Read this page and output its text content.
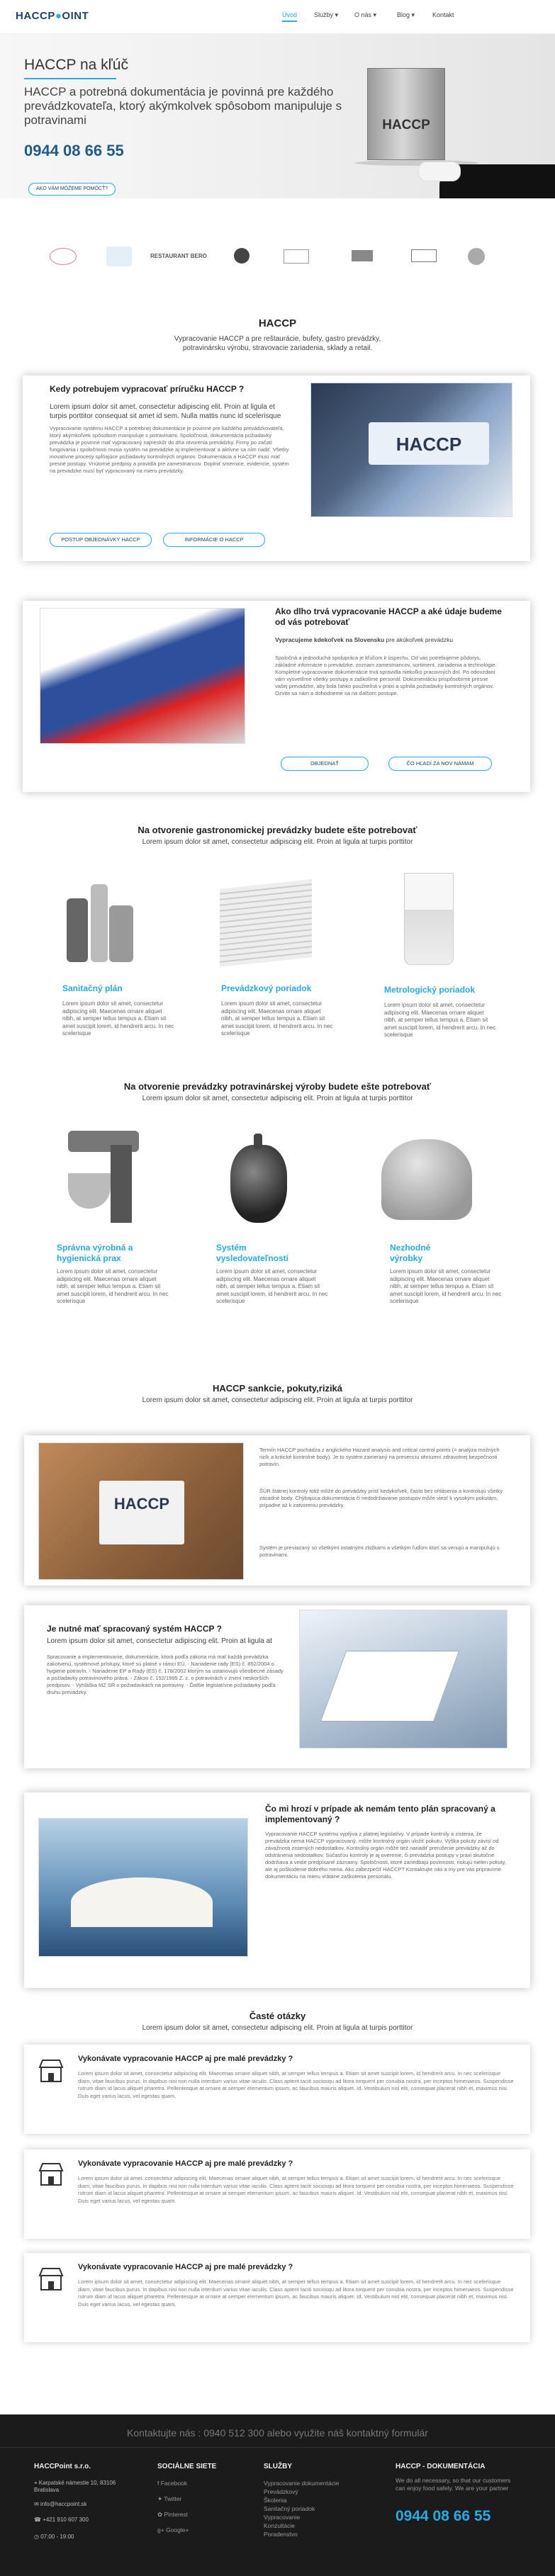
HACCP●OINT	Úvod	Služby ▾	O nás ▾	Blog ▾	Kontakt
HACCP na kľúč
HACCP a potrebná dokumentácia je povinná pre každého prevádzkovateľa, ktorý akýmkolvek spôsobom manipuluje s potravinami
0944 08 66 55
HACCP
AKO VÁM MÔŽEME POMÔCŤ?
RESTAURANT BERO
HACCP
Vypracovanie HACCP a pre reštaurácie, bufety, gastro prevádzky, potravinársku výrobu, stravovacie zariadenia, sklady a retail.
Kedy potrebujem vypracovať príručku HACCP ?
Lorem ipsum dolor sit amet, consectetur adipiscing elit. Proin at ligula et turpis porttitor consequat sit amet id sem. Nulla mattis nunc id scelerisque
Vypracovanie systému HACCP a potrebnej dokumentácie je povinné pre každého prevádzkovateľa, ktorý akýmkoľvek spôsobom manipuluje s potravinami. Spoločnosti, dokumentácia požiadavky prevádzka je povinné mať vypracovaný najneskôr do dňa otvorenia prevádzky. Firmy po začatí fungovania i spoločnosti musia systém na prevádzke aj implementovať a aktívne sa ním riadiť. Všetky inovatívne procesy spĺňajúce požiadavky kontrolných orgánov. Dokumentácia a HACCP musí mať presné postupy. Vnútorné predpisy a pravidlá pre zamestnancov. Doplniť smernice, evidencie, systém na prevádzke musí byť vypracovaný na mieru prevádzky.
POSTUP OBJEDNÁVKY HACCP	INFORMÁCIE O HACCP
HACCP
Ako dlho trvá vypracovanie HACCP a aké údaje budeme od vás potrebovať
Vypracujeme kdekoľvek na Slovensku pre akúkoľvek prevádzku
Spoločná a jednoduchá spolupráca je kľúčom k úspechu. Od vás potrebujeme pôdorys, základné informácie o prevádzke, zoznam zamestnancov, sortiment, zariadenia a technológie. Kompletné vypracovanie dokumentácie trvá spravidla niekoľko pracovných dní. Po odovzdaní vám vysvetlíme všetky postupy a zaškolíme personál. Dokumentáciu prispôsobíme presne vašej prevádzke, aby bola ľahko použiteľná v praxi a splnila požiadavky kontrolných orgánov. Ozvite sa nám a dohodneme sa na ďalšom postupe.
OBJEDNAŤ	ČO HĽADÍ ZA NOV NÁMAM
Na otvorenie gastronomickej prevádzky budete ešte potrebovať
Lorem ipsum dolor sit amet, consectetur adipiscing elit. Proin at ligula at turpis porttitor
Sanitačný plán
Lorem ipsum dolor sit amet, consectetur adipiscing elit. Maecenas ornare aliquet nibh, at semper tellus tempus a. Etiam sit amet suscipit lorem, id hendrerit arcu. In nec scelerisque
Prevádzkový poriadok
Lorem ipsum dolor sit amet, consectetur adipiscing elit. Maecenas ornare aliquet nibh, at semper tellus tempus a. Etiam sit amet suscipit lorem, id hendrerit arcu. In nec scelerisque
Metrologický poriadok
Lorem ipsum dolor sit amet, consectetur adipiscing elit. Maecenas ornare aliquet nibh, at semper tellus tempus a. Etiam sit amet suscipit lorem, id hendrerit arcu. In nec scelerisque
Na otvorenie prevádzky potravinárskej výroby budete ešte potrebovať
Lorem ipsum dolor sit amet, consectetur adipiscing elit. Proin at ligula at turpis porttitor
Správna výrobná a hygienická prax
Lorem ipsum dolor sit amet, consectetur adipiscing elit. Maecenas ornare aliquet nibh, at semper tellus tempus a. Etiam sit amet suscipit lorem, id hendrerit arcu. In nec scelerisque
Systém vysledovateľnosti
Lorem ipsum dolor sit amet, consectetur adipiscing elit. Maecenas ornare aliquet nibh, at semper tellus tempus a. Etiam sit amet suscipit lorem, id hendrerit arcu. In nec scelerisque
Nezhodné výrobky
Lorem ipsum dolor sit amet, consectetur adipiscing elit. Maecenas ornare aliquet nibh, at semper tellus tempus a. Etiam sit amet suscipit lorem, id hendrerit arcu. In nec scelerisque
HACCP sankcie, pokuty,riziká
Lorem ipsum dolor sit amet, consectetur adipiscing elit. Proin at ligula at turpis porttitor
HACCP
Termín HACCP pochádza z anglického Hazard analysis and critical control points (= analýza možných rizík a kritické kontrolné body). Je to systém zameraný na prevenciu ohrození zdravotnej bezpečnosti potravín.
ŠÚR štátnej kontroly totiž môže do prevádzky prísť kedykoľvek, často bez ohlásenia a kontrolujú všetky zásadné body. Chýbajúca dokumentácia či nedodržiavanie postupov môže viesť k vysokým pokutám, prípadne až k zatvoreniu prevádzky.
Systém je previazaný so všetkými ostatnými zložkami a všetkým ľuďom ktorí sa venujú a manipulujú s potravinami.
Je nutné mať spracovaný systém HACCP ?
Lorem ipsum dolor sit amet, consectetur adipiscing elit. Proin at ligula at
Spracovanie a implementovanie, dokumentácie, ktorá podľa zákona má mať každá prevádzka zakotvenú, systémové prístupy, ktoré sú platné v rámci EÚ. - Nariadenie rady (ES) č. 852/2004 o hygiene potravín. - Nariadenie EP a Rady (ES) č. 178/2002 ktorým sa ustanovujú všeobecné zásady a požiadavky potravinového práva. - Zákon č. 152/1995 Z. z. o potravinách v znení neskorších predpisov. - Vyhláška MZ SR o požiadavkách na potraviny. - Ďalšie legislatívne požiadavky podľa druhu prevádzky.
Čo mi hrozí v prípade ak nemám tento plán spracovaný a implementovaný ?
Vypracovanie HACCP systému vyplýva z platnej legislatívy. V prípade kontroly a zistenia, že prevádzka nemá HACCP vypracovaný, môže kontrolný orgán uložiť pokutu. Výška pokuty závisí od závažnosti zistených nedostatkov. Kontrolný orgán môže tiež nariadiť prerušenie prevádzky až do odstránenia nedostatkov. Súčasťou kontroly je aj overenie, či prevádzka postupy v praxi skutočne dodržiava a vedie predpísané záznamy. Spoločnosti, ktoré zanedbajú povinnosti, riskujú nielen pokuty, ale aj poškodenie dobrého mena. Ako zabezpečiť HACCP? Kontaktujte nás a my pre vás pripravíme dokumentáciu na mieru vrátane zaškolenia personálu.
Časté otázky
Lorem ipsum dolor sit amet, consectetur adipiscing elit. Proin at ligula at turpis porttitor
Vykonávate vypracovanie HACCP aj pre malé prevádzky ?
Lorem ipsum dolor sit amet, consectetur adipiscing elit. Maecenas ornare aliquet nibh, at semper tellus tempus a. Etiam sit amet suscipit lorem, id hendrerit arcu. In nec scelerisque diam, vitae faucibus purus. In dapibus nisi non nulla interdum varius vitae iaculis. Class aptent taciti sociosqu ad litora torquent per conubia nostra, per inceptos himenaeos. Suspendisse rutrum diam id lacus aliquet pharetra. Pellentesque at ornare at semper elementum ipsum, ac faucibus mauris aliquet. Id. Vestibulum nisl elit, consequat placerat nibh et, maximus nisi. Duis eget varius lacus, vel egestas quam.
Vykonávate vypracovanie HACCP aj pre malé prevádzky ?
Lorem ipsum dolor sit amet, consectetur adipiscing elit. Maecenas ornare aliquet nibh, at semper tellus tempus a. Etiam sit amet suscipit lorem, id hendrerit arcu. In nec scelerisque diam, vitae faucibus purus. In dapibus nisi non nulla interdum varius vitae iaculis. Class aptent taciti sociosqu ad litora torquent per conubia nostra, per inceptos himenaeos. Suspendisse rutrum diam id lacus aliquet pharetra. Pellentesque at ornare at semper elementum ipsum, ac faucibus mauris aliquet. Id. Vestibulum nisl elit, consequat placerat nibh et, maximus nisi. Duis eget varius lacus, vel egestas quam.
Vykonávate vypracovanie HACCP aj pre malé prevádzky ?
Lorem ipsum dolor sit amet, consectetur adipiscing elit. Maecenas ornare aliquet nibh, at semper tellus tempus a. Etiam sit amet suscipit lorem, id hendrerit arcu. In nec scelerisque diam, vitae faucibus purus. In dapibus nisi non nulla interdum varius vitae iaculis. Class aptent taciti sociosqu ad litora torquent per conubia nostra, per inceptos himenaeos. Suspendisse rutrum diam id lacus aliquet pharetra. Pellentesque at ornare at semper elementum ipsum, ac faucibus mauris aliquet. Id. Vestibulum nisl elit, consequat placerat nibh et, maximus nisi. Duis eget varius lacus, vel egestas quam.
Kontaktujte nás : 0940 512 300 alebo využite náš kontaktný formulár
HACCPoint s.r.o.
⌖ Karpatské námestie 10, 83106 Bratislava
✉ info@haccpoint.sk
☎ +421 910 607 300
◷ 07:00 - 19:00
SOCIÁLNE SIETE
f Facebook
✦ Twitter
✿ Pinterest
g+ Google+
SLUŽBY
Vypracovanie dokumentácie
Prevádzkový
Školenia
Sanitačný poriadok
Vypracovanie
Konzultácie
Poradenstvo
HACCP - DOKUMENTÁCIA
We do all necessary, so that our customers can enjoy food safely. We are your partner
0944 08 66 55
